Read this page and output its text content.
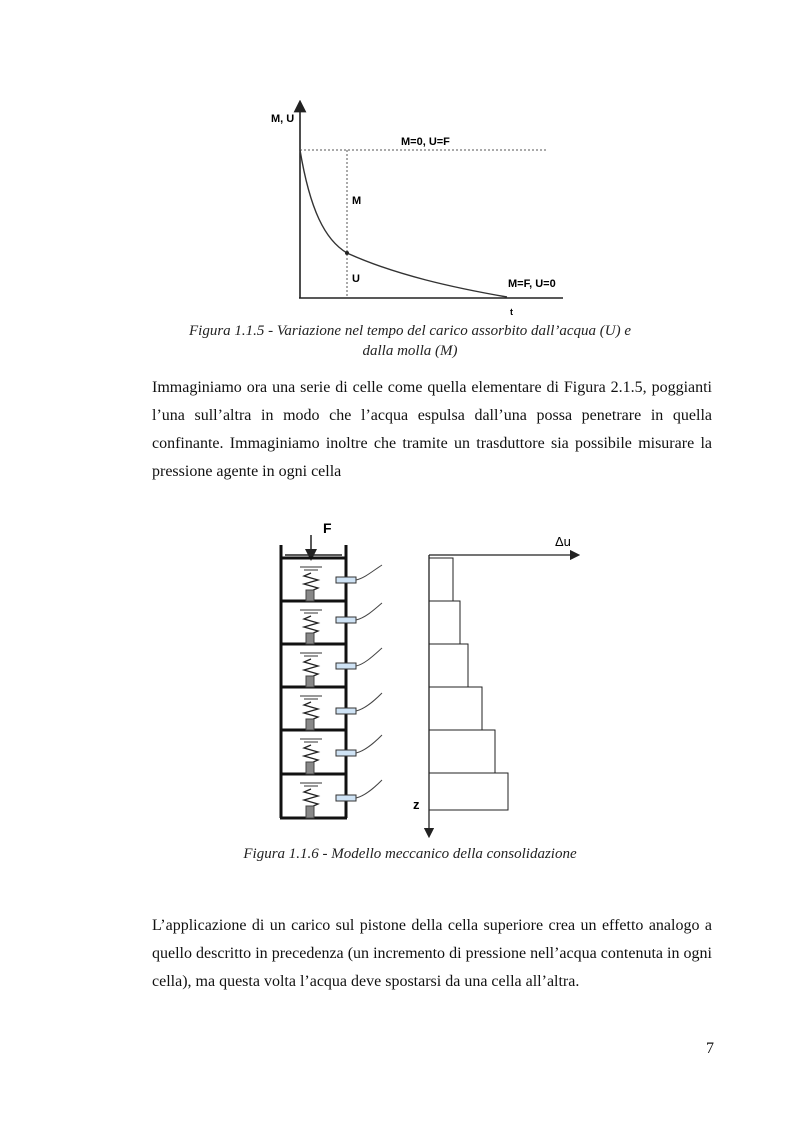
M, U
t
M=0, U=F
M
U	M=F, U=0
Figura 1.1.5 - Variazione nel tempo del carico assorbito dall’acqua (U) e
dalla molla (M)
Immaginiamo ora una serie di celle come quella elementare di Figura 2.1.5, poggianti
l’una sull’altra in modo che l’acqua espulsa dall’una possa penetrare in quella
confinante. Immaginiamo inoltre che tramite un trasduttore sia possibile misurare la
pressione agente in ogni cella
F
Δu
z
Figura 1.1.6 - Modello meccanico della consolidazione
L’applicazione di un carico sul pistone della cella superiore crea un effetto analogo a
quello descritto in precedenza (un incremento di pressione nell’acqua contenuta in ogni
cella), ma questa volta l’acqua deve spostarsi da una cella all’altra.
7
